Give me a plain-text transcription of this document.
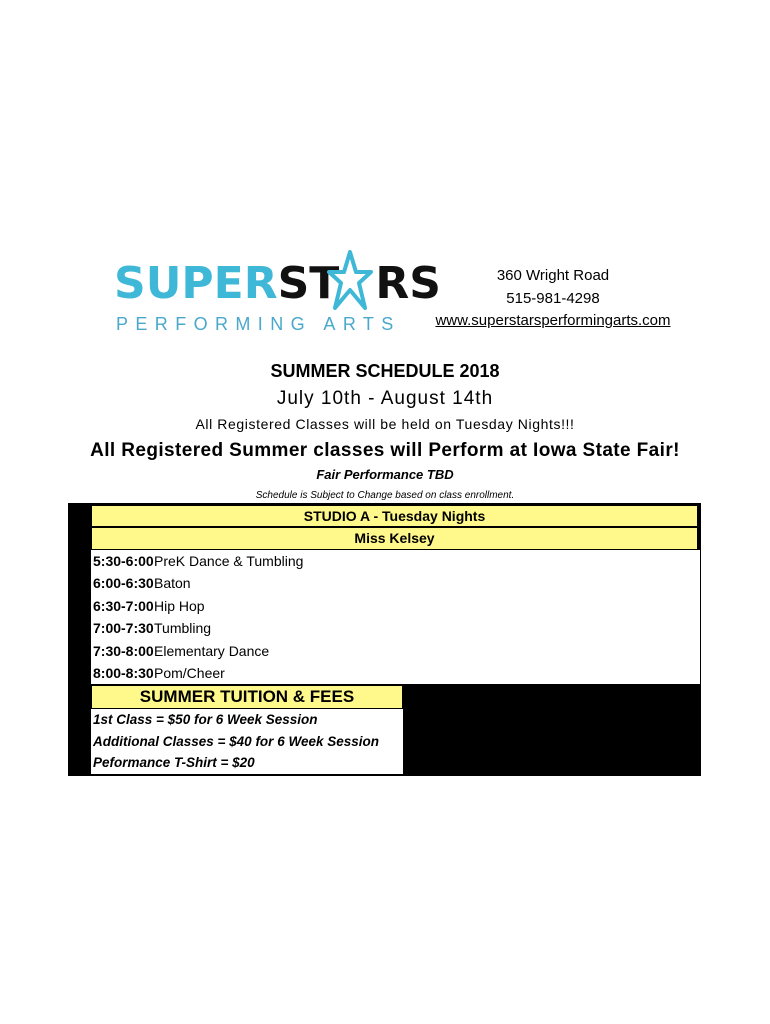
SUPERST RS
PERFORMING ARTS
360 Wright Road
515-981-4298
www.superstarsperformingarts.com
SUMMER SCHEDULE 2018
July 10th - August 14th
All Registered Classes will be held on Tuesday Nights!!!
All Registered Summer classes will Perform at Iowa State Fair!
Fair Performance TBD
Schedule is Subject to Change based on class enrollment.
STUDIO A - Tuesday Nights
Miss Kelsey
5:30-6:00 PreK Dance & Tumbling
6:00-6:30 Baton
6:30-7:00 Hip Hop
7:00-7:30 Tumbling
7:30-8:00 Elementary Dance
8:00-8:30 Pom/Cheer
SUMMER TUITION & FEES
1st Class = $50 for 6 Week Session
Additional Classes = $40 for 6 Week Session
Peformance T-Shirt = $20
